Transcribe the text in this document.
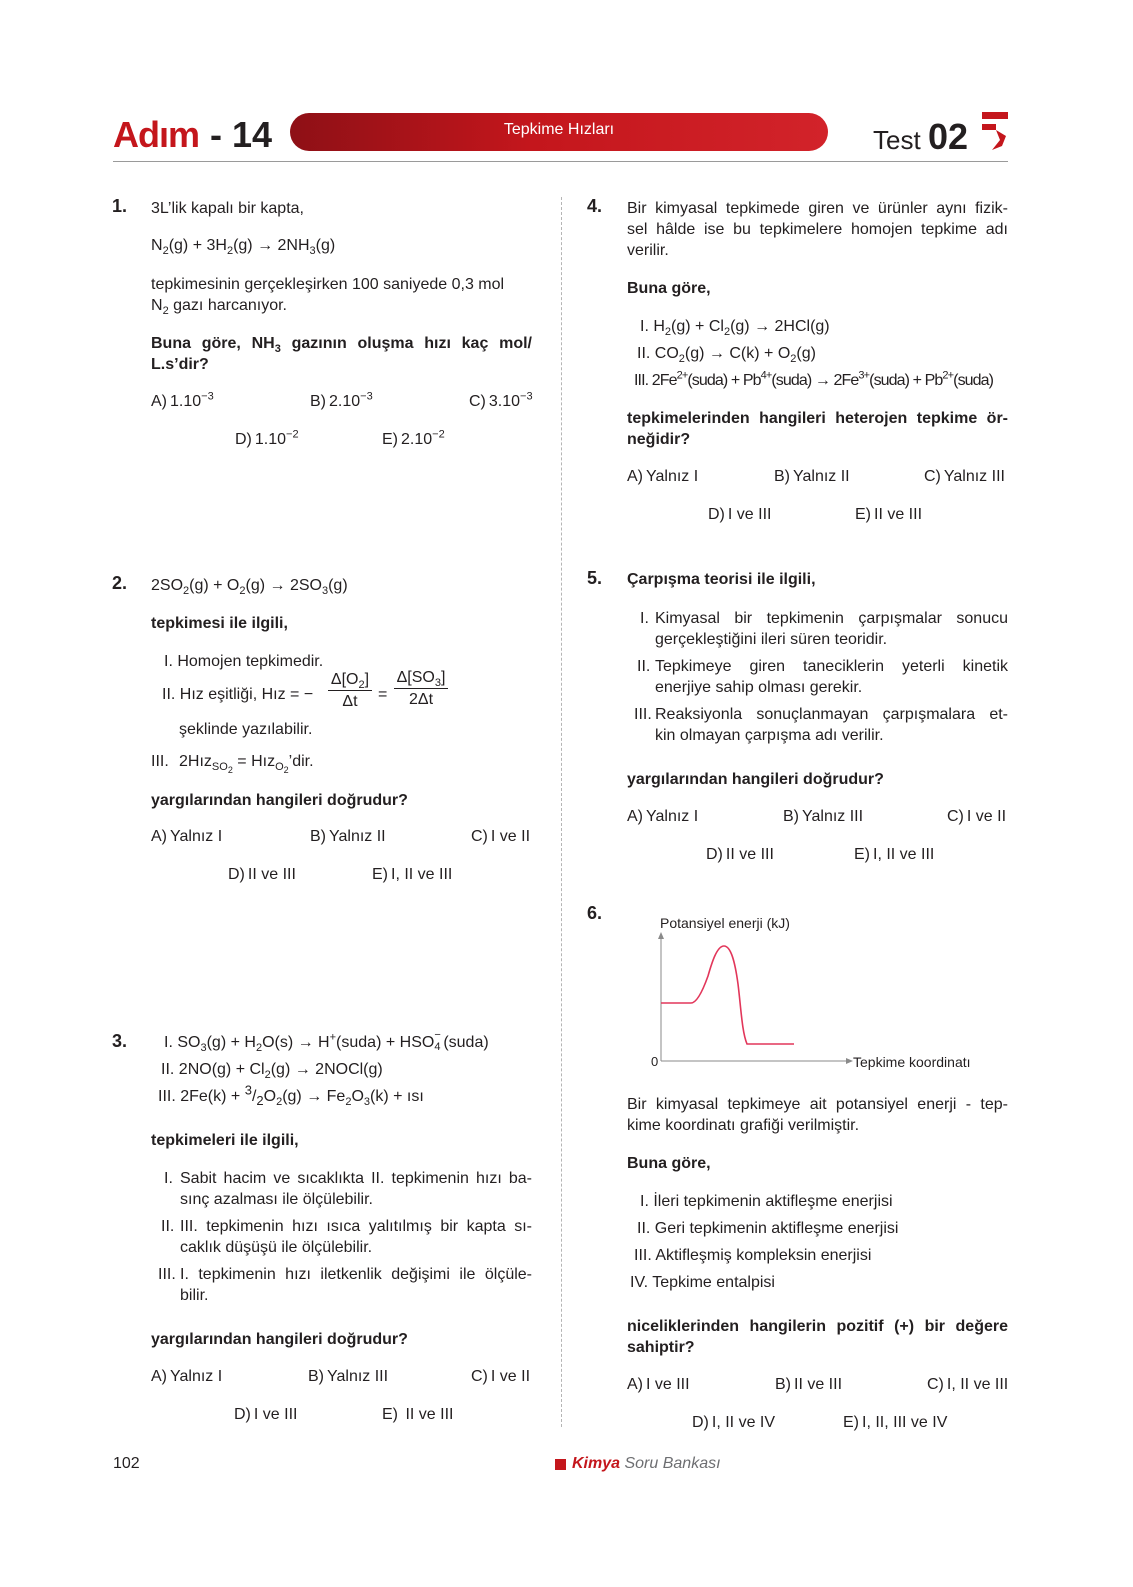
Adım - 14	Tepkime Hızları	Test 02
1. 3L’lik kapalı bir kapta,
$N_2(g) + 3H_2(g) \to 2NH_3(g)$
tepkimesinin gerçekleşirken 100 saniyede 0,3 mol
$N_2$ gazı harcanıyor.
Buna göre, $NH_3$ gazının oluşma hızı kaç mol/
L.s’dir?
A) $1.10^{-3}$	B) $2.10^{-3}$	C) $3.10^{-3}$
D) $1.10^{-2}$	E) $2.10^{-2}$
2. $2SO_2(g) + O_2(g) \to 2SO_3(g)$
tepkimesi ile ilgili,
I. Homojen tepkimedir.
II. Hız eşitliği, Hız = −
$\Delta[O_2]$
Δt	=
$\Delta[SO_3]$
2Δt
şeklinde yazılabilir.
III. 2Hız$_{SO_2}$ = Hız$_{O_2}$’dir.
yargılarından hangileri doğrudur?
A) Yalnız I	B) Yalnız II	C) I ve II
D) II ve III	E) I, II ve III
3. I. $SO_3(g) + H_2O(s)$ → H+(suda) + HSO −
4 (suda)
II. $2NO(g) + Cl_2(g)$ → 2NOCl(g)
III. $2Fe(k) + ^3/_2O_2(g) \to Fe_2O_3(k)$ + ısı
tepkimeleri ile ilgili,
I. Sabit hacim ve sıcaklıkta II. tepkimenin hızı ba-
sınç azalması ile ölçülebilir.
II. III. tepkimenin hızı ısıca yalıtılmış bir kapta sı-
caklık düşüşü ile ölçülebilir.
III. I. tepkimenin hızı iletkenlik değişimi ile ölçüle-
bilir.
yargılarından hangileri doğrudur?
A) Yalnız I	B) Yalnız III	C) I ve II
D) I ve III	E) II ve III
4. Bir kimyasal tepkimede giren ve ürünler aynı fizik-
sel hâlde ise bu tepkimelere homojen tepkime adı
verilir.
Buna göre,
I. $H_2(g) + Cl_2(g) \to 2HCl(g)$
II. $CO_2(g) \to C(k) + O_2(g)$
III. $2Fe^{2+}(suda)$ + $Pb^{4+}(suda)$ → $2Fe^{3+}(suda)$ + $Pb^{2+}(suda)$
tepkimelerinden hangileri heterojen tepkime ör-
neğidir?
A) Yalnız I	B) Yalnız II	C) Yalnız III
D) I ve III	E) II ve III
5. Çarpışma teorisi ile ilgili,
I. Kimyasal bir tepkimenin çarpışmalar sonucu
gerçekleştiğini ileri süren teoridir.
II. Tepkimeye giren taneciklerin yeterli kinetik
enerjiye sahip olması gerekir.
III. Reaksiyonla sonuçlanmayan çarpışmalara et-
kin olmayan çarpışma adı verilir.
yargılarından hangileri doğrudur?
A) Yalnız I	B) Yalnız III	C) I ve II
D) II ve III	E) I, II ve III
6.	Potansiyel enerji (kJ)
0	Tepkime koordinatı
Bir kimyasal tepkimeye ait potansiyel enerji - tep-
kime koordinatı grafiği verilmiştir.
Buna göre,
I. İleri tepkimenin aktifleşme enerjisi
II. Geri tepkimenin aktifleşme enerjisi
III. Aktifleşmiş kompleksin enerjisi
IV. Tepkime entalpisi
niceliklerinden hangilerin pozitif (+) bir değere
sahiptir?
A) I ve III	B) II ve III	C) I, II ve III
D) I, II ve IV	E) I, II, III ve IV
102	Kimya Soru Bankası
